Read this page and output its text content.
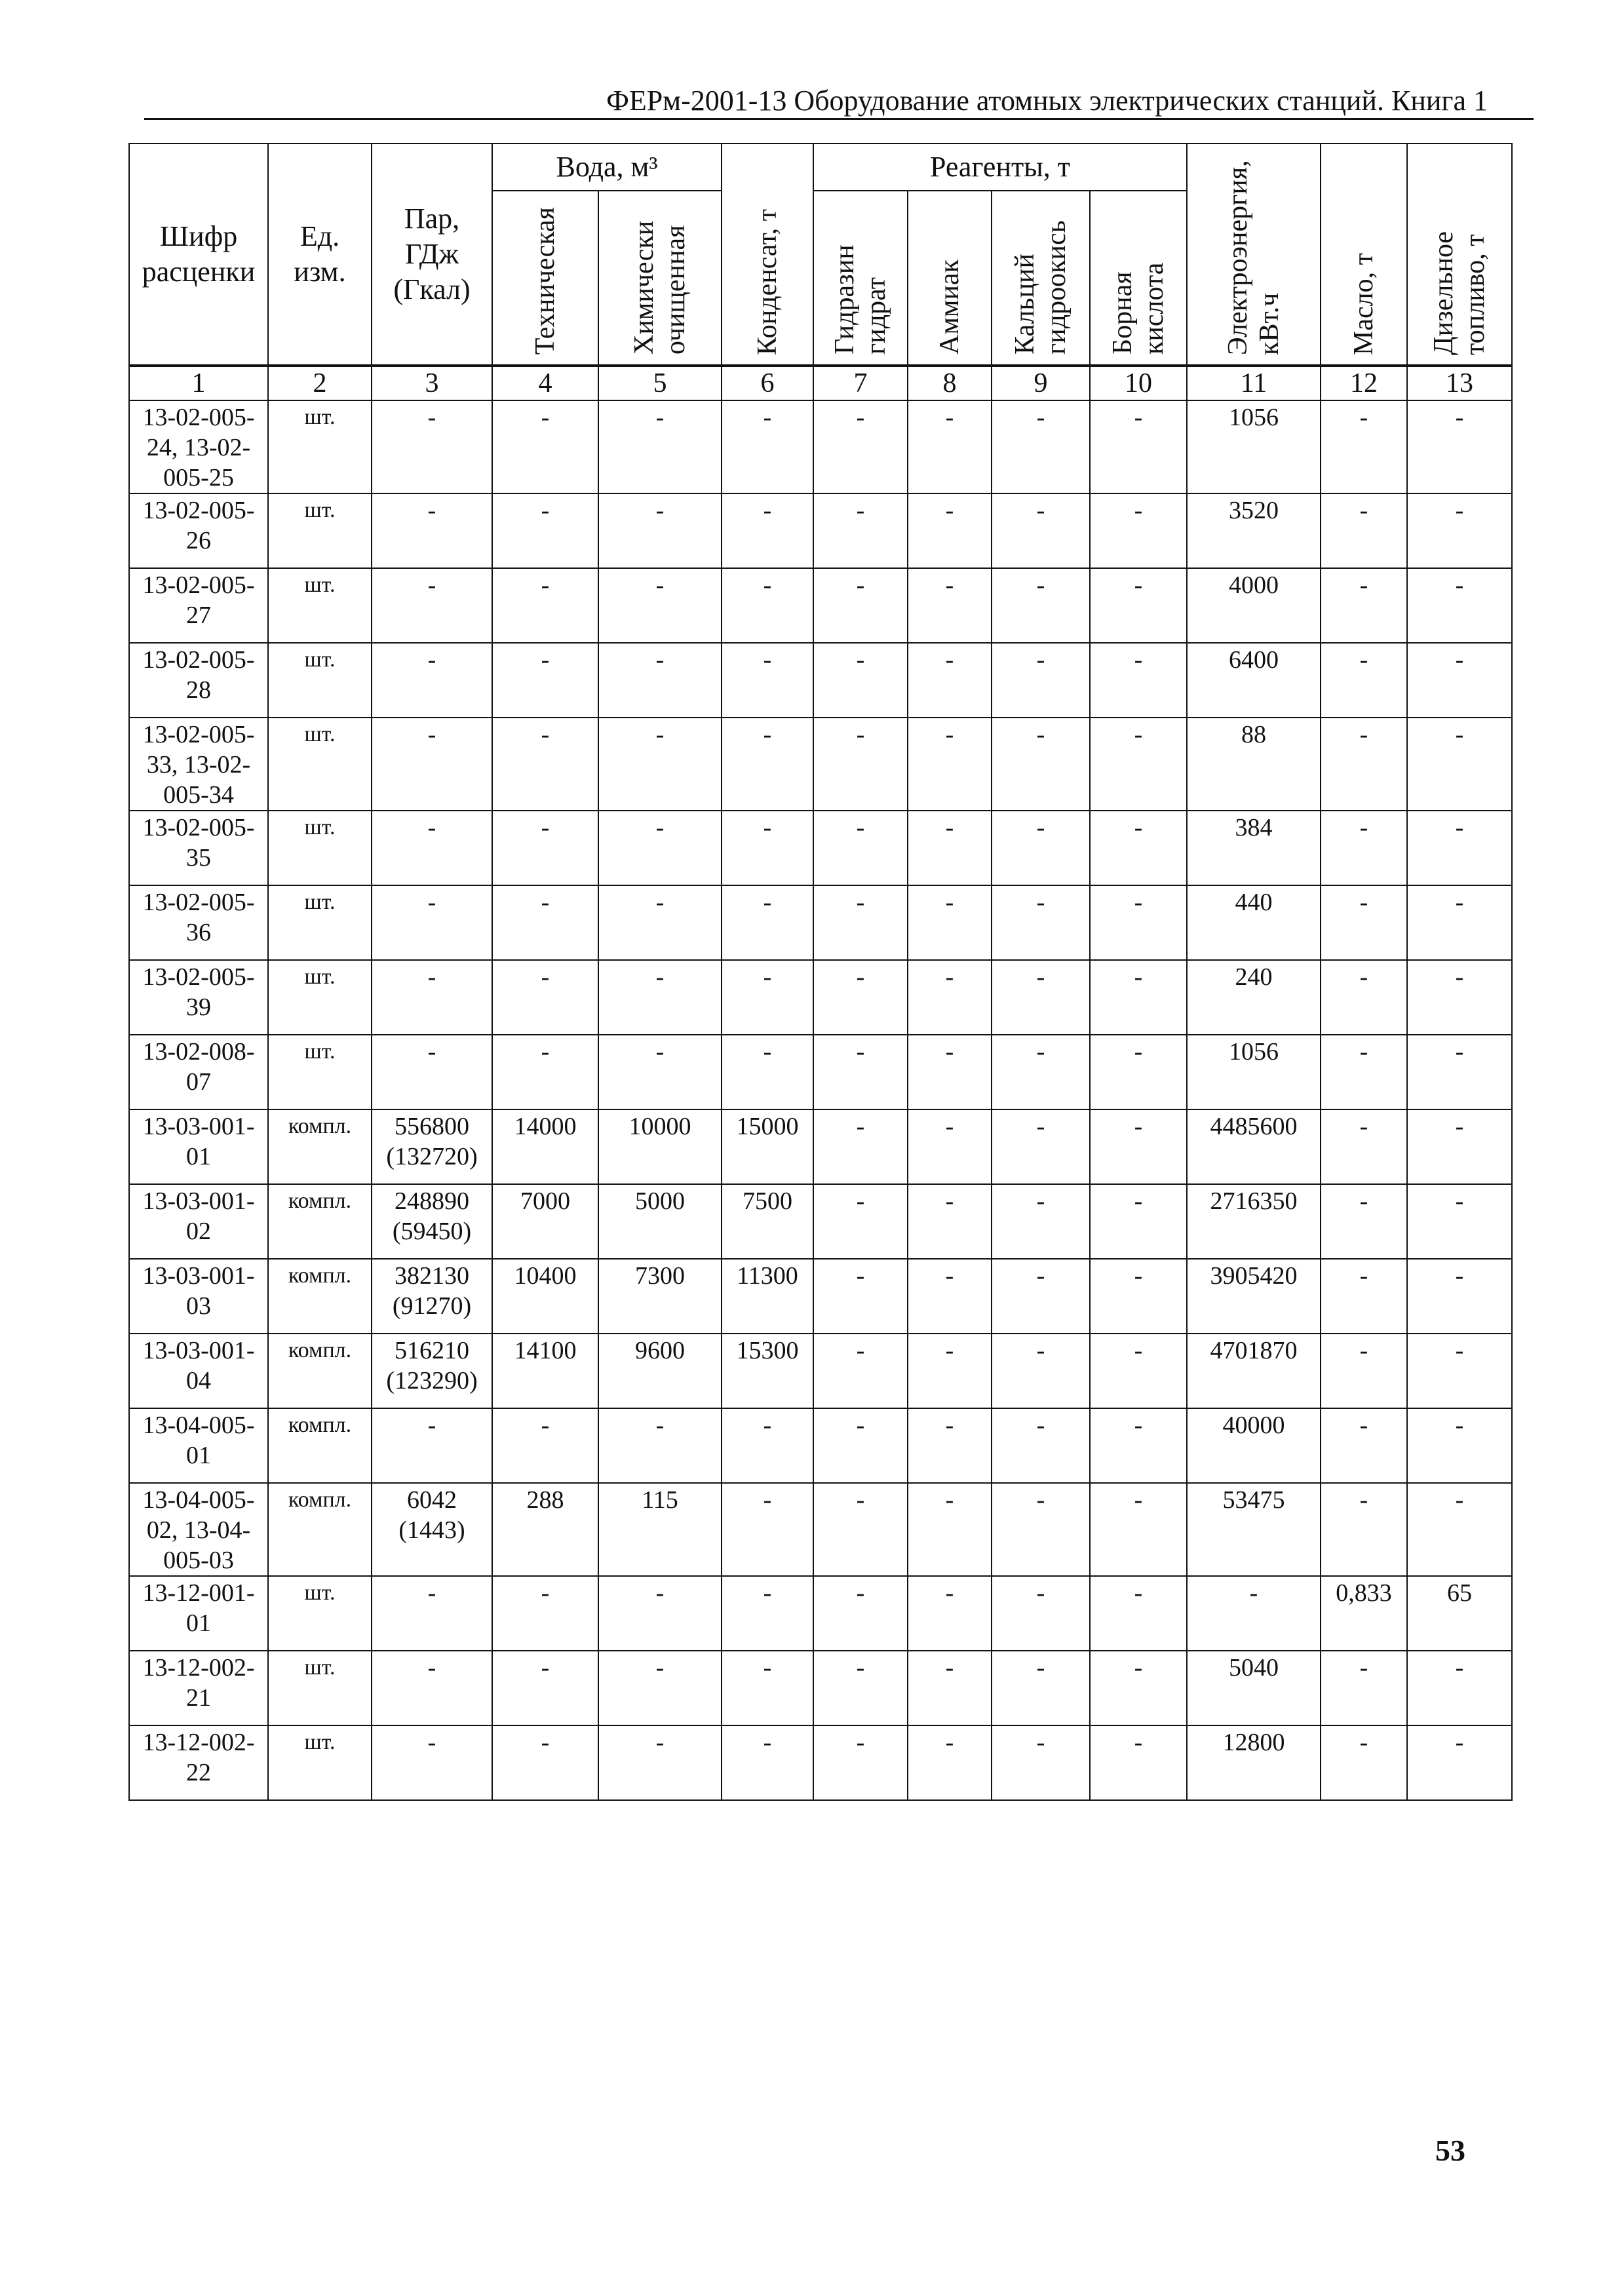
ФЕРм-2001-13 Оборудование атомных электрических станций. Книга 1
Шифр расценки	Ед. изм.	Пар, ГДж (Гкал)	Вода, м³		Конденсат, т	Реагенты, т				Электроэнергия, кВт.ч	Масло, т	Дизельное топливо, т

			Техническая	Химически очищенная		Гидразин гидрат	Аммиак	Кальций гидроокись	Борная кислота			

1	2	3	4	5	6	7	8	9	10	11	12	13
13-02-005-24, 13-02-005-25	шт.	-	-	-	-	-	-	-	-	1056	-	-
13-02-005-26	шт.	-	-	-	-	-	-	-	-	3520	-	-
13-02-005-27	шт.	-	-	-	-	-	-	-	-	4000	-	-
13-02-005-28	шт.	-	-	-	-	-	-	-	-	6400	-	-
13-02-005-33, 13-02-005-34	шт.	-	-	-	-	-	-	-	-	88	-	-
13-02-005-35	шт.	-	-	-	-	-	-	-	-	384	-	-
13-02-005-36	шт.	-	-	-	-	-	-	-	-	440	-	-
13-02-005-39	шт.	-	-	-	-	-	-	-	-	240	-	-
13-02-008-07	шт.	-	-	-	-	-	-	-	-	1056	-	-
13-03-001-01	компл.	556800 (132720)	14000	10000	15000	-	-	-	-	4485600	-	-
13-03-001-02	компл.	248890 (59450)	7000	5000	7500	-	-	-	-	2716350	-	-
13-03-001-03	компл.	382130 (91270)	10400	7300	11300	-	-	-	-	3905420	-	-
13-03-001-04	компл.	516210 (123290)	14100	9600	15300	-	-	-	-	4701870	-	-
13-04-005-01	компл.	-	-	-	-	-	-	-	-	40000	-	-
13-04-005-02, 13-04-005-03	компл.	6042 (1443)	288	115	-	-	-	-	-	53475	-	-
13-12-001-01	шт.	-	-	-	-	-	-	-	-	-	0,833	65
13-12-002-21	шт.	-	-	-	-	-	-	-	-	5040	-	-
13-12-002-22	шт.	-	-	-	-	-	-	-	-	12800	-	-
53
